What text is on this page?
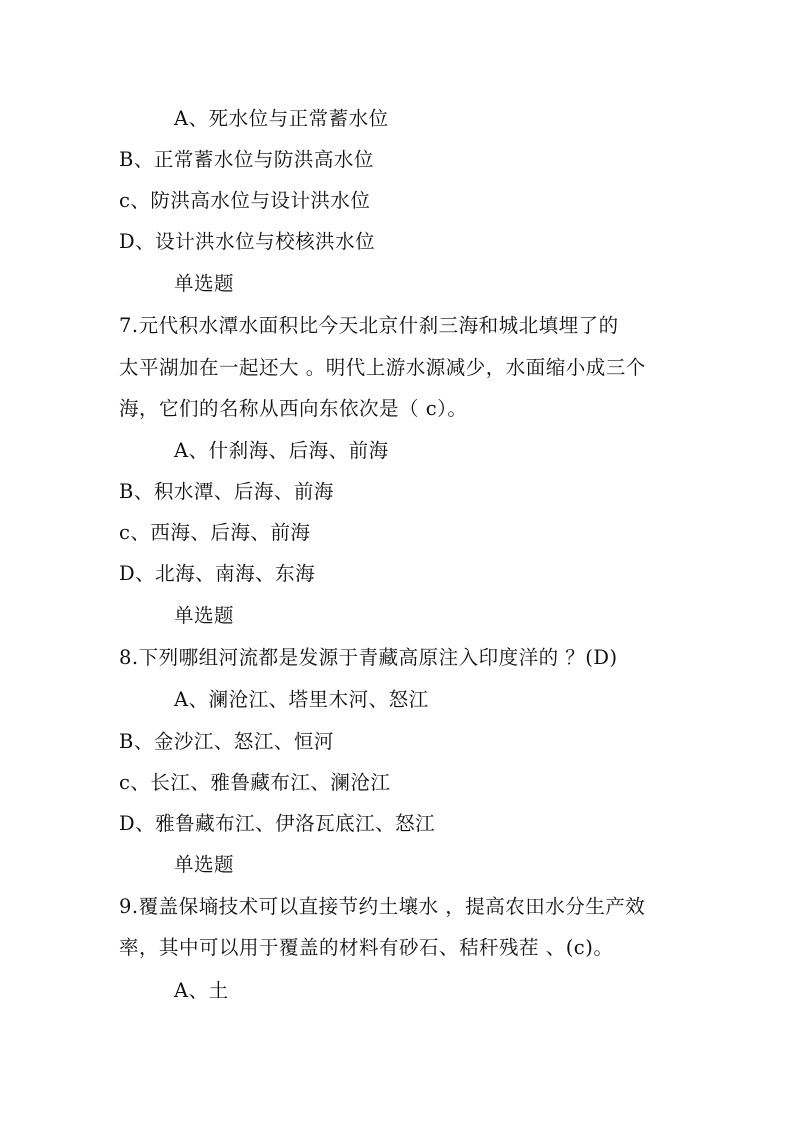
A、死水位与正常蓄水位
B、正常蓄水位与防洪高水位
c、防洪高水位与设计洪水位
D、设计洪水位与校核洪水位
单选题
7.元代积水潭水面积比今天北京什刹三海和城北填埋了的
太平湖加在一起还大 。明代上游水源减少，水面缩小成三个
海，它们的名称从西向东依次是（ c）。
A、什刹海、后海、前海
B、积水潭、后海、前海
c、西海、后海、前海
D、北海、南海、东海
单选题
8.下列哪组河流都是发源于青藏高原注入印度洋的 ？(D)
A、澜沧江、塔里木河、怒江
B、金沙江、怒江、恒河
c、长江、雅鲁藏布江、澜沧江
D、雅鲁藏布江、伊洛瓦底江、怒江
单选题
9.覆盖保墒技术可以直接节约土壤水 ，提高农田水分生产效
率，其中可以用于覆盖的材料有砂石、秸秆残茬 、(c)。
A、土
